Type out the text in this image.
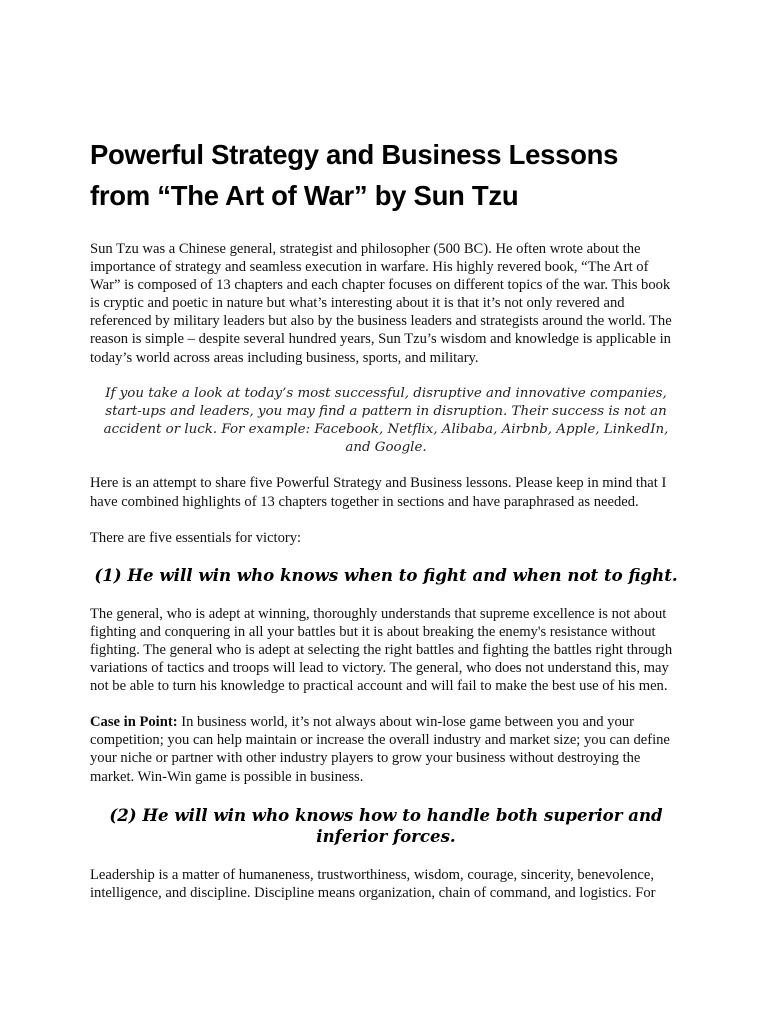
Powerful Strategy and Business Lessons from “The Art of War” by Sun Tzu

Sun Tzu was a Chinese general, strategist and philosopher (500 BC). He often wrote about the importance of strategy and seamless execution in warfare. His highly revered book, “The Art of War” is composed of 13 chapters and each chapter focuses on different topics of the war. This book is cryptic and poetic in nature but what’s interesting about it is that it’s not only revered and referenced by military leaders but also by the business leaders and strategists around the world. The reason is simple – despite several hundred years, Sun Tzu’s wisdom and knowledge is applicable in today’s world across areas including business, sports, and military.

If you take a look at today’s most successful, disruptive and innovative companies, start-ups and leaders, you may find a pattern in disruption. Their success is not an accident or luck. For example: Facebook, Netflix, Alibaba, Airbnb, Apple, LinkedIn, and Google.

Here is an attempt to share five Powerful Strategy and Business lessons. Please keep in mind that I have combined highlights of 13 chapters together in sections and have paraphrased as needed.

There are five essentials for victory:

(1) He will win who knows when to fight and when not to fight.

The general, who is adept at winning, thoroughly understands that supreme excellence is not about fighting and conquering in all your battles but it is about breaking the enemy's resistance without fighting. The general who is adept at selecting the right battles and fighting the battles right through variations of tactics and troops will lead to victory. The general, who does not understand this, may not be able to turn his knowledge to practical account and will fail to make the best use of his men.

Case in Point: In business world, it’s not always about win-lose game between you and your competition; you can help maintain or increase the overall industry and market size; you can define your niche or partner with other industry players to grow your business without destroying the market. Win-Win game is possible in business.

(2) He will win who knows how to handle both superior and inferior forces.

Leadership is a matter of humaneness, trustworthiness, wisdom, courage, sincerity, benevolence, intelligence, and discipline. Discipline means organization, chain of command, and logistics. For
